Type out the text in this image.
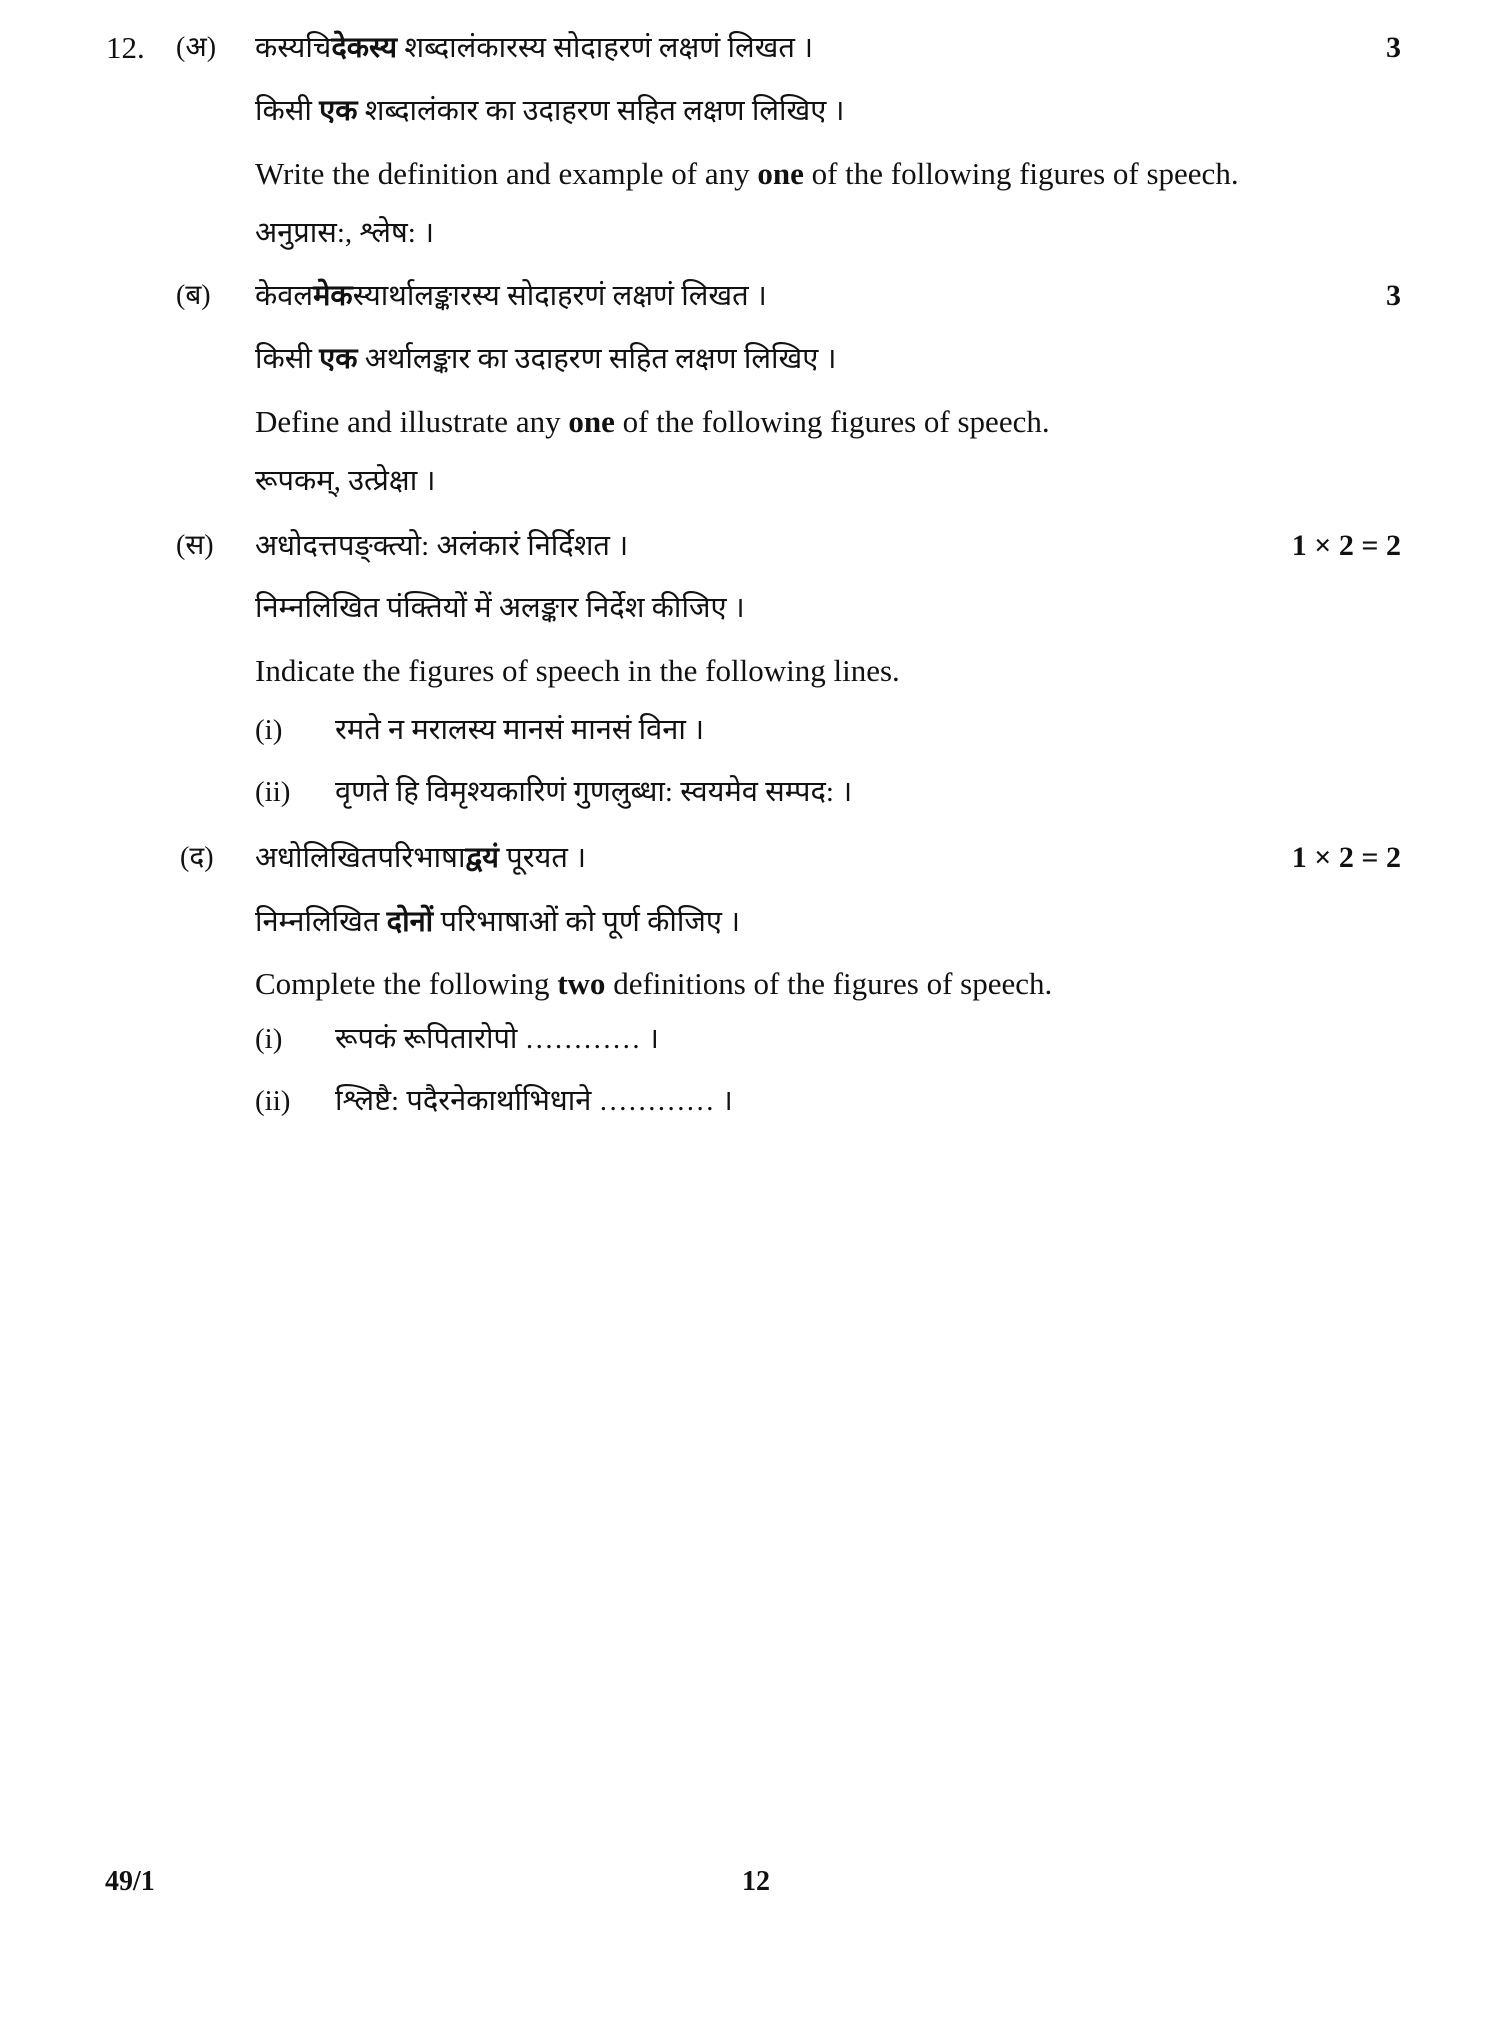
12. (अ) कस्यचिदेकस्य शब्दालंकारस्य सोदाहरणं लक्षणं लिखत ।	3
किसी एक शब्दालंकार का उदाहरण सहित लक्षण लिखिए ।
Write the definition and example of any one of the following figures of speech.
अनुप्रास:, श्लेष: ।
(ब) केवलमेकस्यार्थालङ्कारस्य सोदाहरणं लक्षणं लिखत ।	3
किसी एक अर्थालङ्कार का उदाहरण सहित लक्षण लिखिए ।
Define and illustrate any one of the following figures of speech.
रूपकम्, उत्प्रेक्षा ।
(स) अधोदत्तपङ्क्त्यो: अलंकारं निर्दिशत ।	1 × 2 = 2
निम्नलिखित पंक्तियों में अलङ्कार निर्देश कीजिए ।
Indicate the figures of speech in the following lines.
(i) रमते न मरालस्य मानसं मानसं विना ।
(ii) वृणते हि विमृश्यकारिणं गुणलुब्धा: स्वयमेव सम्पद: ।
(द) अधोलिखितपरिभाषाद्वयं पूरयत ।	1 × 2 = 2
निम्नलिखित दोनों परिभाषाओं को पूर्ण कीजिए ।
Complete the following two definitions of the figures of speech.
(i) रूपकं रूपितारोपो ………… ।
(ii) श्लिष्टै: पदैरनेकार्थाभिधाने ………… ।
49/1	12
